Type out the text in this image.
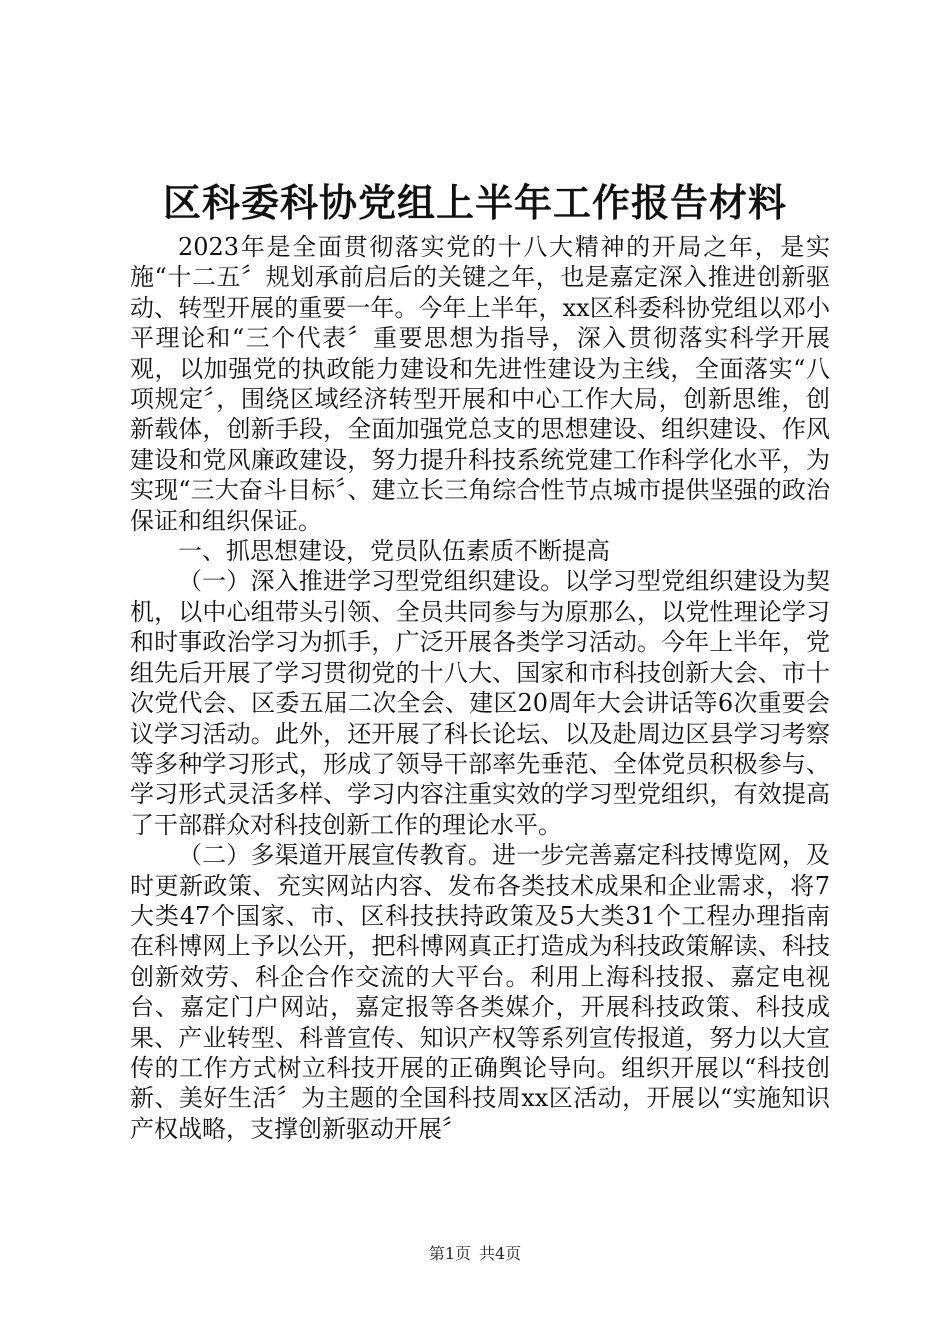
区科委科协党组上半年工作报告材料

2023年是全面贯彻落实党的十八大精神的开局之年，是实施“十二五〞规划承前启后的关键之年，也是嘉定深入推进创新驱动、转型开展的重要一年。今年上半年，xx区科委科协党组以邓小平理论和“三个代表〞重要思想为指导，深入贯彻落实科学开展观，以加强党的执政能力建设和先进性建设为主线，全面落实“八项规定〞，围绕区域经济转型开展和中心工作大局，创新思维，创新载体，创新手段，全面加强党总支的思想建设、组织建设、作风建设和党风廉政建设，努力提升科技系统党建工作科学化水平，为实现“三大奋斗目标〞、建立长三角综合性节点城市提供坚强的政治保证和组织保证。

一、抓思想建设，党员队伍素质不断提高

（一）深入推进学习型党组织建设。以学习型党组织建设为契机，以中心组带头引领、全员共同参与为原那么，以党性理论学习和时事政治学习为抓手，广泛开展各类学习活动。今年上半年，党组先后开展了学习贯彻党的十八大、国家和市科技创新大会、市十次党代会、区委五届二次全会、建区20周年大会讲话等6次重要会议学习活动。此外，还开展了科长论坛、以及赴周边区县学习考察等多种学习形式，形成了领导干部率先垂范、全体党员积极参与、学习形式灵活多样、学习内容注重实效的学习型党组织，有效提高了干部群众对科技创新工作的理论水平。

（二）多渠道开展宣传教育。进一步完善嘉定科技博览网，及时更新政策、充实网站内容、发布各类技术成果和企业需求，将7大类47个国家、市、区科技扶持政策及5大类31个工程办理指南在科博网上予以公开，把科博网真正打造成为科技政策解读、科技创新效劳、科企合作交流的大平台。利用上海科技报、嘉定电视台、嘉定门户网站，嘉定报等各类媒介，开展科技政策、科技成果、产业转型、科普宣传、知识产权等系列宣传报道，努力以大宣传的工作方式树立科技开展的正确舆论导向。组织开展以“科技创新、美好生活〞为主题的全国科技周xx区活动，开展以“实施知识产权战略，支撑创新驱动开展〞

第1页 共4页
